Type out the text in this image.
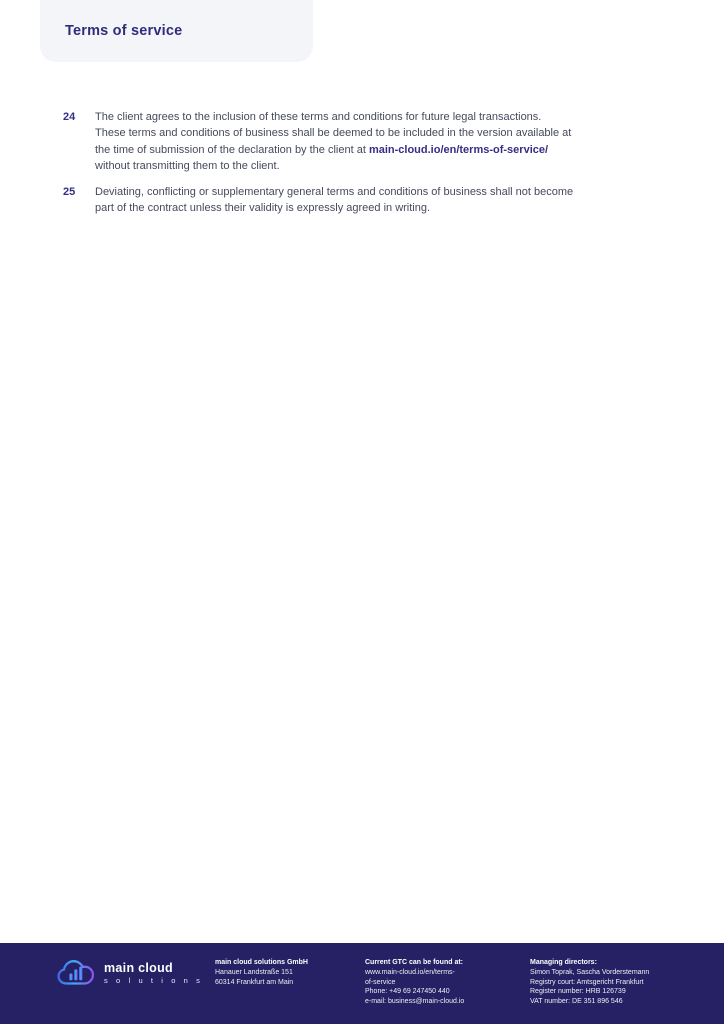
Terms of service
24	The client agrees to the inclusion of these terms and conditions for future legal transactions.
These terms and conditions of business shall be deemed to be included in the version available at
the time of submission of the declaration by the client at main-cloud.io/en/terms-of-service/
without transmitting them to the client.
25	Deviating, conflicting or supplementary general terms and conditions of business shall not become
part of the contract unless their validity is expressly agreed in writing.
main cloud
s o l u t i o n s
main cloud solutions GmbH
Hanauer Landstraße 151
60314 Frankfurt am Main
Current GTC can be found at:
www.main-cloud.io/en/terms-
of-service
Phone: +49 69 247450 440
e-mail: business@main-cloud.io
Managing directors:
Simon Toprak, Sascha Vorderstemann
Registry court: Amtsgericht Frankfurt
Register number: HRB 126739
VAT number: DE 351 896 546
